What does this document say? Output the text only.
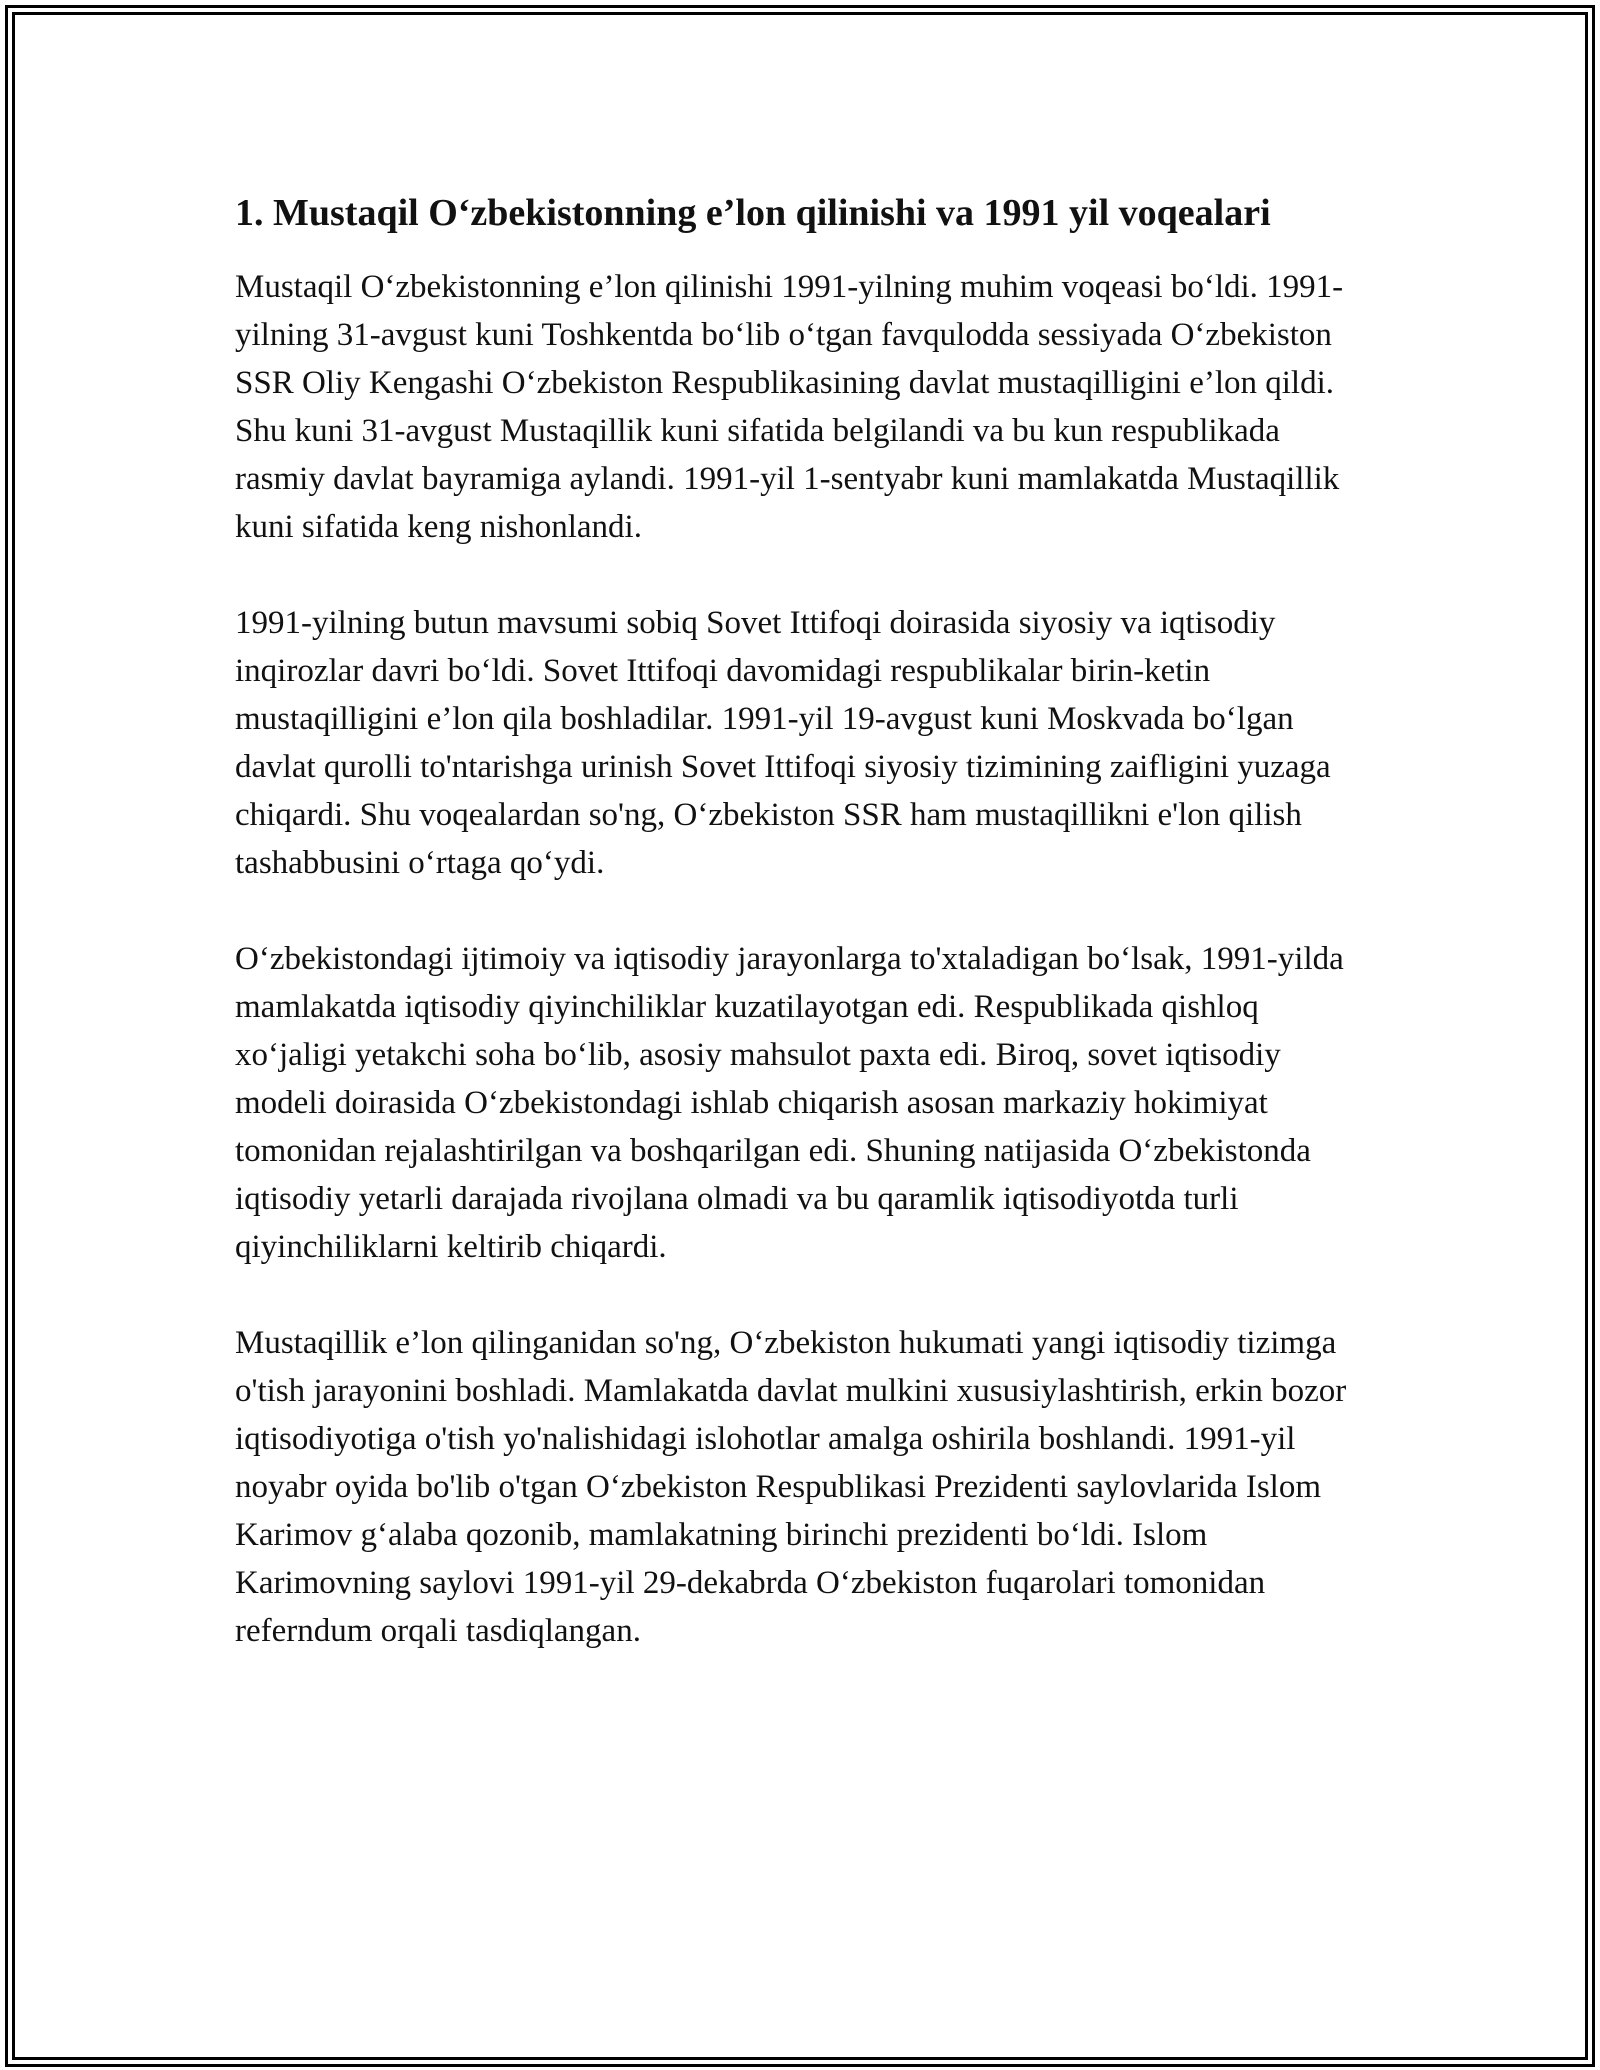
1. Mustaqil O‘zbekistonning e’lon qilinishi va 1991 yil voqealari

Mustaqil O‘zbekistonning e’lon qilinishi 1991-yilning muhim voqeasi bo‘ldi. 1991-yilning 31-avgust kuni Toshkentda bo‘lib o‘tgan favqulodda sessiyada O‘zbekiston SSR Oliy Kengashi O‘zbekiston Respublikasining davlat mustaqilligini e’lon qildi. Shu kuni 31-avgust Mustaqillik kuni sifatida belgilandi va bu kun respublikada rasmiy davlat bayramiga aylandi. 1991-yil 1-sentyabr kuni mamlakatda Mustaqillik kuni sifatida keng nishonlandi.

1991-yilning butun mavsumi sobiq Sovet Ittifoqi doirasida siyosiy va iqtisodiy inqirozlar davri bo‘ldi. Sovet Ittifoqi davomidagi respublikalar birin-ketin mustaqilligini e’lon qila boshladilar. 1991-yil 19-avgust kuni Moskvada bo‘lgan davlat qurolli to'ntarishga urinish Sovet Ittifoqi siyosiy tizimining zaifligini yuzaga chiqardi. Shu voqealardan so'ng, O‘zbekiston SSR ham mustaqillikni e'lon qilish tashabbusini o‘rtaga qo‘ydi.

O‘zbekistondagi ijtimoiy va iqtisodiy jarayonlarga to'xtaladigan bo‘lsak, 1991-yilda mamlakatda iqtisodiy qiyinchiliklar kuzatilayotgan edi. Respublikada qishloq xo‘jaligi yetakchi soha bo‘lib, asosiy mahsulot paxta edi. Biroq, sovet iqtisodiy modeli doirasida O‘zbekistondagi ishlab chiqarish asosan markaziy hokimiyat tomonidan rejalashtirilgan va boshqarilgan edi. Shuning natijasida O‘zbekistonda iqtisodiy yetarli darajada rivojlana olmadi va bu qaramlik iqtisodiyotda turli qiyinchiliklarni keltirib chiqardi.

Mustaqillik e’lon qilinganidan so'ng, O‘zbekiston hukumati yangi iqtisodiy tizimga o'tish jarayonini boshladi. Mamlakatda davlat mulkini xususiylashtirish, erkin bozor iqtisodiyotiga o'tish yo'nalishidagi islohotlar amalga oshirila boshlandi. 1991-yil noyabr oyida bo'lib o'tgan O‘zbekiston Respublikasi Prezidenti saylovlarida Islom Karimov g‘alaba qozonib, mamlakatning birinchi prezidenti bo‘ldi. Islom Karimovning saylovi 1991-yil 29-dekabrda O‘zbekiston fuqarolari tomonidan referndum orqali tasdiqlangan.
